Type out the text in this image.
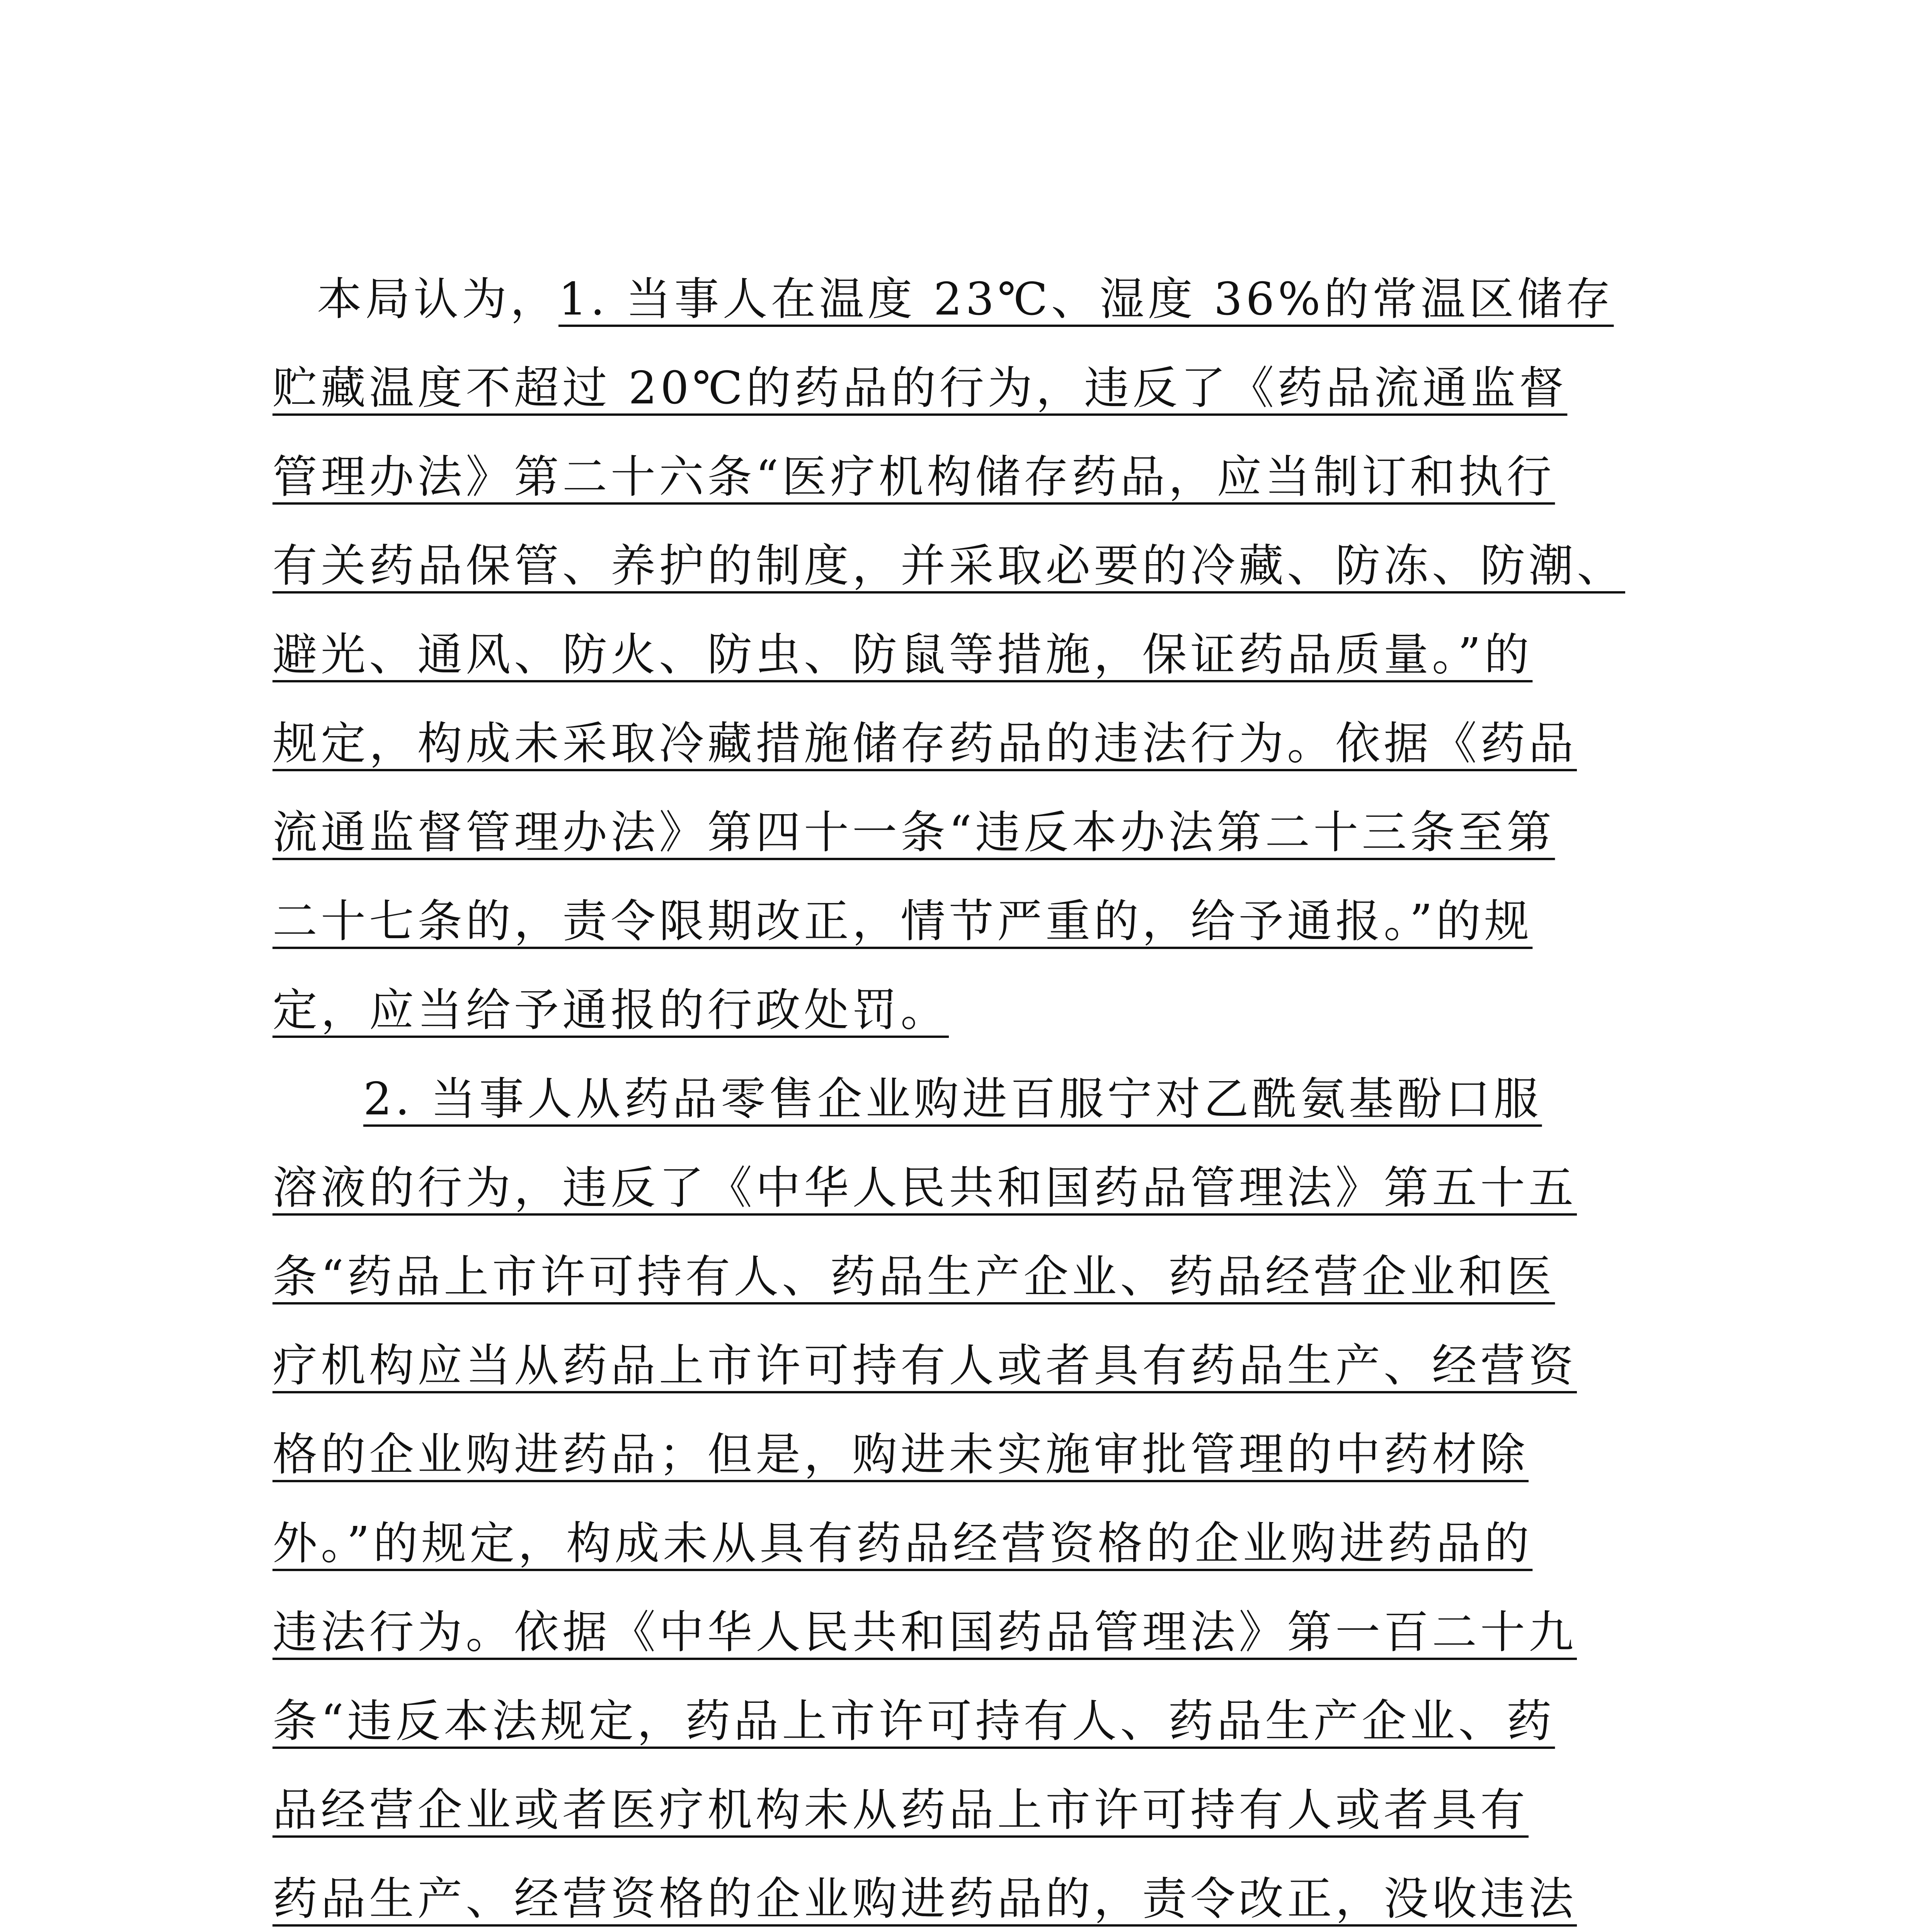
本局认为，1. 当事人在温度 23℃、湿度 36%的常温区储存
贮藏温度不超过 20℃的药品的行为，违反了《药品流通监督
管理办法》第二十六条“医疗机构储存药品，应当制订和执行
有关药品保管、养护的制度，并采取必要的冷藏、防冻、防潮、
避光、通风、防火、防虫、防鼠等措施，保证药品质量。”的
规定，构成未采取冷藏措施储存药品的违法行为。依据《药品
流通监督管理办法》第四十一条“违反本办法第二十三条至第
二十七条的，责令限期改正，情节严重的，给予通报。”的规
定，应当给予通报的行政处罚。
2. 当事人从药品零售企业购进百服宁对乙酰氨基酚口服
溶液的行为，违反了《中华人民共和国药品管理法》第五十五
条“药品上市许可持有人、药品生产企业、药品经营企业和医
疗机构应当从药品上市许可持有人或者具有药品生产、经营资
格的企业购进药品；但是，购进未实施审批管理的中药材除
外。”的规定，构成未从具有药品经营资格的企业购进药品的
违法行为。依据《中华人民共和国药品管理法》第一百二十九
条“违反本法规定，药品上市许可持有人、药品生产企业、药
品经营企业或者医疗机构未从药品上市许可持有人或者具有
药品生产、经营资格的企业购进药品的，责令改正，没收违法
